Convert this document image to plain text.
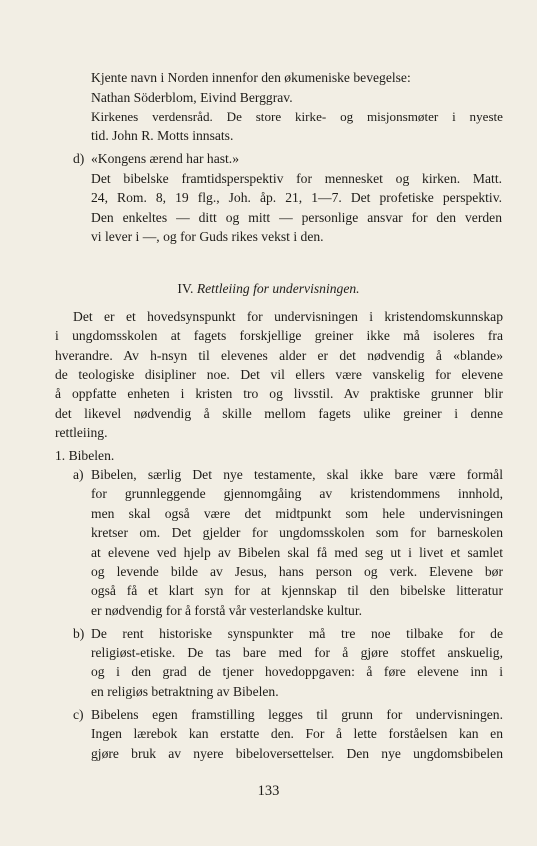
Kjente navn i Norden innenfor den økumeniske bevegelse:
Nathan Söderblom, Eivind Berggrav.
Kirkenes verdensråd. De store kirke- og misjonsmøter i nyeste
tid. John R. Motts innsats.
d) «Kongens ærend har hast.»
Det bibelske framtidsperspektiv for mennesket og kirken. Matt.
24, Rom. 8, 19 flg., Joh. åp. 21, 1—7. Det profetiske perspektiv.
Den enkeltes — ditt og mitt — personlige ansvar for den verden
vi lever i —, og for Guds rikes vekst i den.
IV. Rettleiing for undervisningen.
Det er et hovedsynspunkt for undervisningen i kristendomskunnskap
i ungdomsskolen at fagets forskjellige greiner ikke må isoleres fra
hverandre. Av h-nsyn til elevenes alder er det nødvendig å «blande»
de teologiske disipliner noe. Det vil ellers være vanskelig for elevene
å oppfatte enheten i kristen tro og livsstil. Av praktiske grunner blir
det likevel nødvendig å skille mellom fagets ulike greiner i denne
rettleiing.
1. Bibelen.
a) Bibelen, særlig Det nye testamente, skal ikke bare være formål
for grunnleggende gjennomgåing av kristendommens innhold,
men skal også være det midtpunkt som hele undervisningen
kretser om. Det gjelder for ungdomsskolen som for barneskolen
at elevene ved hjelp av Bibelen skal få med seg ut i livet et samlet
og levende bilde av Jesus, hans person og verk. Elevene bør
også få et klart syn for at kjennskap til den bibelske litteratur
er nødvendig for å forstå vår vesterlandske kultur.
b) De rent historiske synspunkter må tre noe tilbake for de
religiøst-etiske. De tas bare med for å gjøre stoffet anskuelig,
og i den grad de tjener hovedoppgaven: å føre elevene inn i
en religiøs betraktning av Bibelen.
c) Bibelens egen framstilling legges til grunn for undervisningen.
Ingen lærebok kan erstatte den. For å lette forståelsen kan en
gjøre bruk av nyere bibeloversettelser. Den nye ungdomsbibelen
133
